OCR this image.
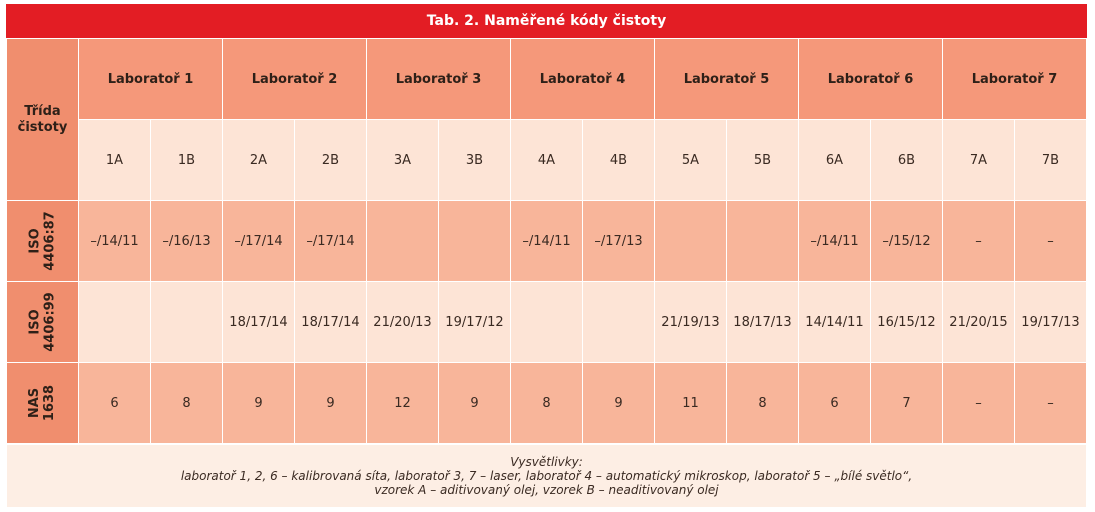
Tab. 2. Naměřené kódy čistoty
Třída
čistoty	Laboratoř 1		Laboratoř 2		Laboratoř 3		Laboratoř 4		Laboratoř 5		Laboratoř 6		Laboratoř 7	
	1A	1B	2A	2B	3A	3B	4A	4B	5A	5B	6A	6B	7A	7B
ISO
4406:87	–/14/11	–/16/13	–/17/14	–/17/14			–/14/11	–/17/13			–/14/11	–/15/12	–	–
ISO
4406:99			18/17/14	18/17/14	21/20/13	19/17/12			21/19/13	18/17/13	14/14/11	16/15/12	21/20/15	19/17/13
NAS
1638	6	8	9	9	12	9	8	9	11	8	6	7	–	–
Vysvětlivky:
laboratoř 1, 2, 6 – kalibrovaná síta, laboratoř 3, 7 – laser, laboratoř 4 – automatický mikroskop, laboratoř 5 – „bílé světlo“,
vzorek A – aditivovaný olej, vzorek B – neaditivovaný olej
